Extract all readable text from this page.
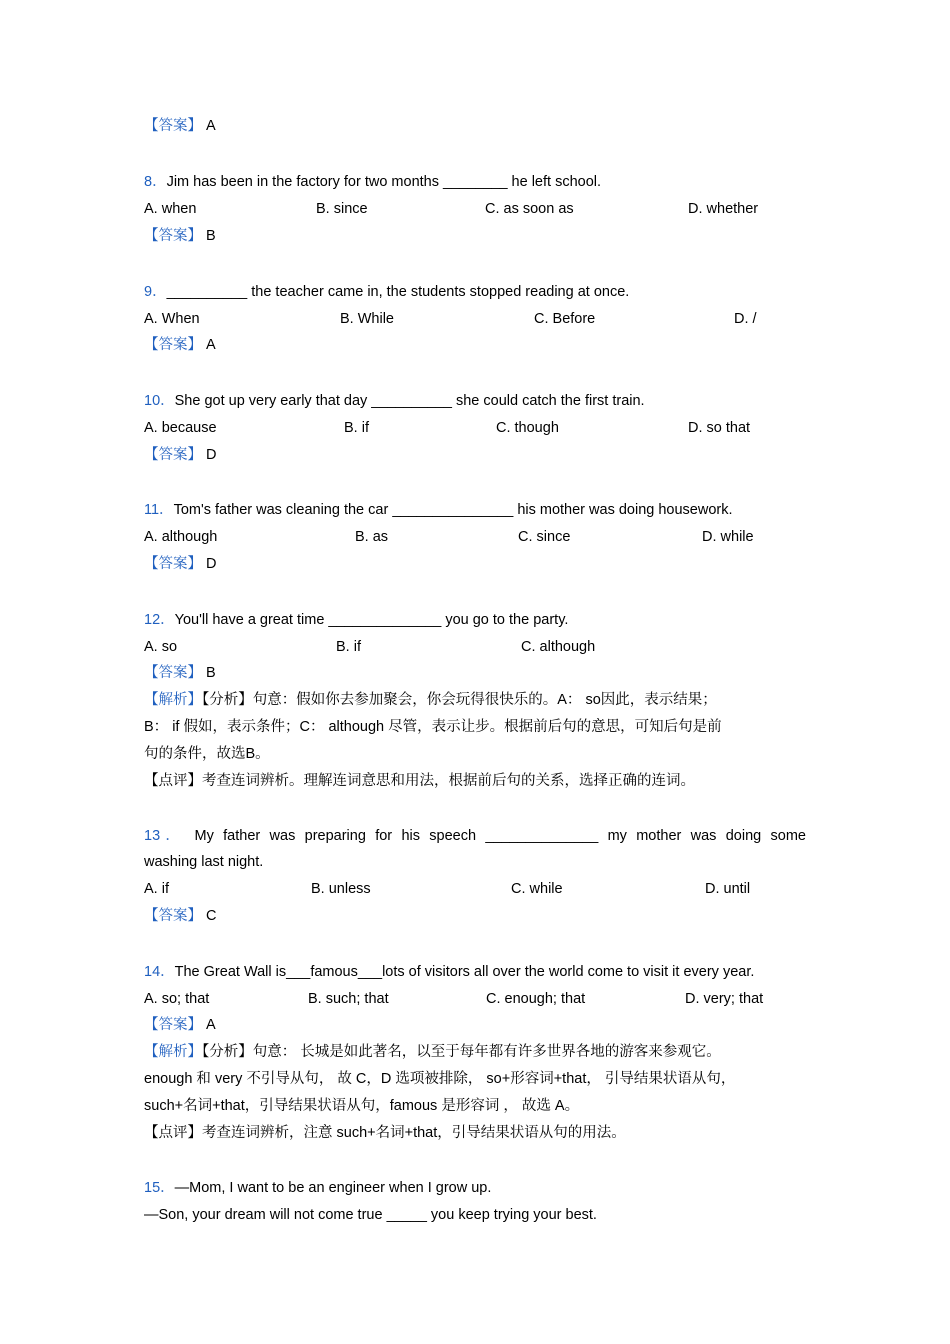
【答案】 A
8．Jim has been in the factory for two months ________ he left school.
A. when	B. since	C. as soon as	D. whether
【答案】 B
9．__________ the teacher came in, the students stopped reading at once.
A. When	B. While	C. Before	D. /
【答案】 A
10．She got up very early that day __________ she could catch the first train.
A. because	B. if	C. though	D. so that
【答案】 D
11．Tom's father was cleaning the car _______________ his mother was doing housework.
A. although	B. as	C. since	D. while
【答案】 D
12．You'll have a great time ______________ you go to the party.
A. so	B. if	C. although
【答案】 B
【解析】【分析】句意：假如你去参加聚会，你会玩得很快乐的。A： so因此，表示结果；
B： if 假如，表示条件；C： although 尽管，表示让步。根据前后句的意思，可知后句是前
句的条件，故选B。
【点评】考查连词辨析。理解连词意思和用法，根据前后句的关系，选择正确的连词。
13． My father was preparing for his speech ______________ my mother was doing some
washing last night.
A. if	B. unless	C. while	D. until
【答案】 C
14．The Great Wall is___famous___lots of visitors all over the world come to visit it every year.
A. so; that	B. such; that	C. enough; that	D. very; that
【答案】 A
【解析】【分析】句意： 长城是如此著名，以至于每年都有许多世界各地的游客来参观它。
enough 和 very 不引导从句， 故 C，D 选项被排除， so+形容词+that， 引导结果状语从句，
such+名词+that，引导结果状语从句，famous 是形容词 ， 故选 A。
【点评】考查连词辨析，注意 such+名词+that，引导结果状语从句的用法。
15．—Mom, I want to be an engineer when I grow up.
—Son, your dream will not come true _____ you keep trying your best.
